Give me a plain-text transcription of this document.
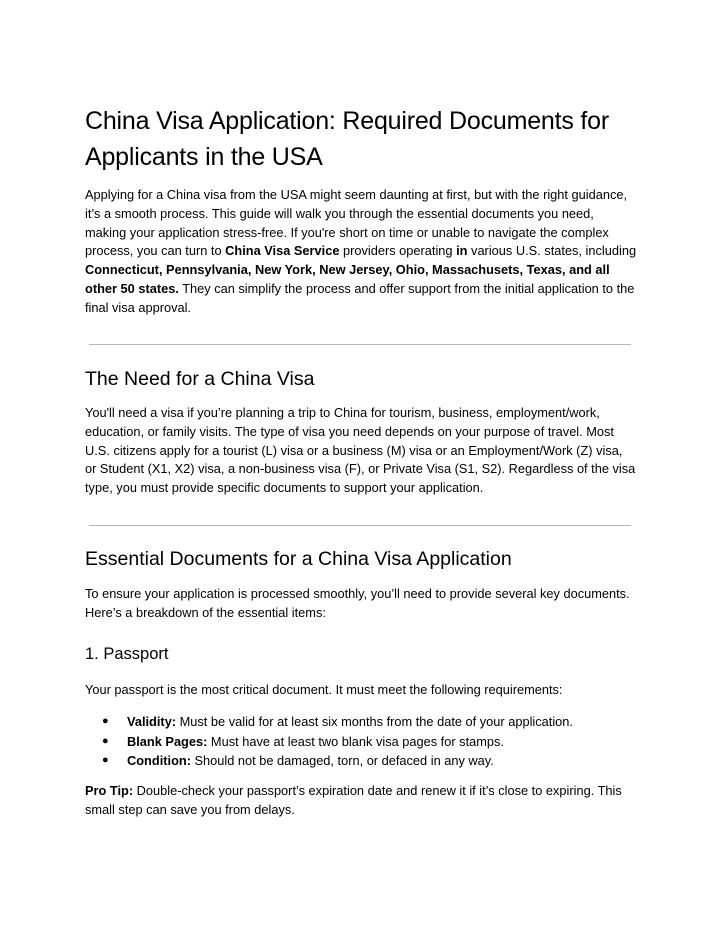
China Visa Application: Required Documents for Applicants in the USA

Applying for a China visa from the USA might seem daunting at first, but with the right guidance, it’s a smooth process. This guide will walk you through the essential documents you need, making your application stress-free. If you're short on time or unable to navigate the complex process, you can turn to China Visa Service providers operating in various U.S. states, including Connecticut, Pennsylvania, New York, New Jersey, Ohio, Massachusets, Texas, and all other 50 states. They can simplify the process and offer support from the initial application to the final visa approval.

The Need for a China Visa

You'll need a visa if you’re planning a trip to China for tourism, business, employment/work, education, or family visits. The type of visa you need depends on your purpose of travel. Most U.S. citizens apply for a tourist (L) visa or a business (M) visa or an Employment/Work (Z) visa, or Student (X1, X2) visa, a non-business visa (F), or Private Visa (S1, S2). Regardless of the visa type, you must provide specific documents to support your application.

Essential Documents for a China Visa Application

To ensure your application is processed smoothly, you’ll need to provide several key documents. Here’s a breakdown of the essential items:

1. Passport

Your passport is the most critical document. It must meet the following requirements:

● Validity: Must be valid for at least six months from the date of your application.
● Blank Pages: Must have at least two blank visa pages for stamps.
● Condition: Should not be damaged, torn, or defaced in any way.

Pro Tip: Double-check your passport’s expiration date and renew it if it’s close to expiring. This small step can save you from delays.
